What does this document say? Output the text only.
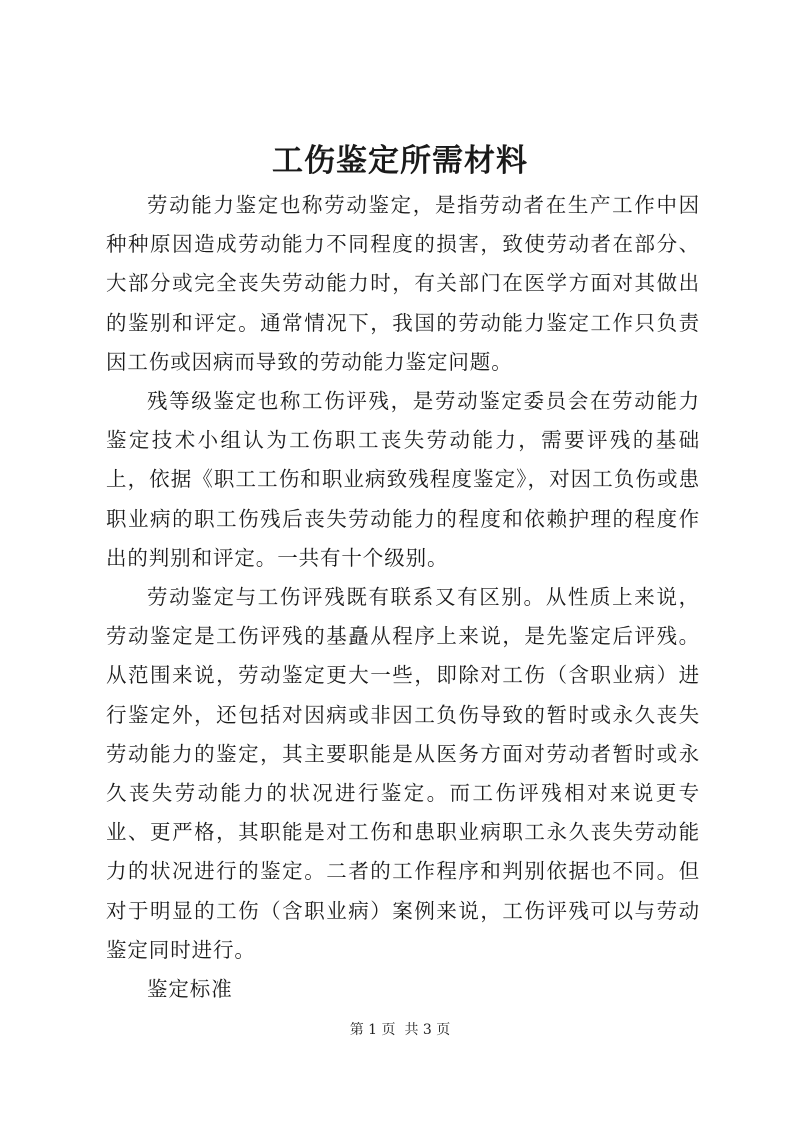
工伤鉴定所需材料

劳动能力鉴定也称劳动鉴定，是指劳动者在生产工作中因种种原因造成劳动能力不同程度的损害，致使劳动者在部分、大部分或完全丧失劳动能力时，有关部门在医学方面对其做出的鉴别和评定。通常情况下，我国的劳动能力鉴定工作只负责因工伤或因病而导致的劳动能力鉴定问题。

残等级鉴定也称工伤评残，是劳动鉴定委员会在劳动能力鉴定技术小组认为工伤职工丧失劳动能力，需要评残的基础上，依据《职工工伤和职业病致残程度鉴定》，对因工负伤或患职业病的职工伤残后丧失劳动能力的程度和依赖护理的程度作出的判别和评定。一共有十个级别。

劳动鉴定与工伤评残既有联系又有区别。从性质上来说，劳动鉴定是工伤评残的基矗从程序上来说，是先鉴定后评残。从范围来说，劳动鉴定更大一些，即除对工伤（含职业病）进行鉴定外，还包括对因病或非因工负伤导致的暂时或永久丧失劳动能力的鉴定，其主要职能是从医务方面对劳动者暂时或永久丧失劳动能力的状况进行鉴定。而工伤评残相对来说更专业、更严格，其职能是对工伤和患职业病职工永久丧失劳动能力的状况进行的鉴定。二者的工作程序和判别依据也不同。但对于明显的工伤（含职业病）案例来说，工伤评残可以与劳动鉴定同时进行。

鉴定标准

第 1 页  共 3 页
